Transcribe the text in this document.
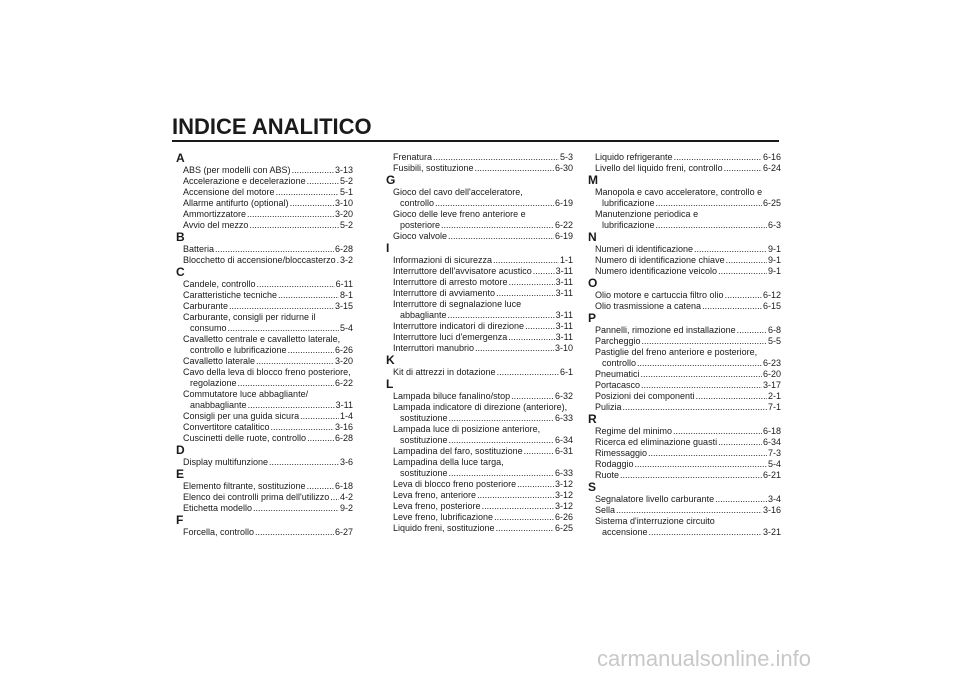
INDICE ANALITICO
A
ABS (per modelli con ABS) .....	3-13
Accelerazione e decelerazione .....	5-2
Accensione del motore .....	5-1
Allarme antifurto (optional) .....	3-10
Ammortizzatore .....	3-20
Avvio del mezzo .....	5-2
B
Batteria .....	6-28
Blocchetto di accensione/bloccasterzo ..... 3-2
C
Candele, controllo .....	6-11
Caratteristiche tecniche .....	8-1
Carburante .....	3-15
Carburante, consigli per ridurne il
consumo .....	5-4
Cavalletto centrale e cavalletto laterale,
controllo e lubrificazione .....	6-26
Cavalletto laterale .....	3-20
Cavo della leva di blocco freno posteriore,
regolazione .....	6-22
Commutatore luce abbagliante/
anabbagliante .....	3-11
Consigli per una guida sicura .....	1-4
Convertitore catalitico .....	3-16
Cuscinetti delle ruote, controllo .....	6-28
D
Display multifunzione .....	3-6
E
Elemento filtrante, sostituzione .....	6-18
Elenco dei controlli prima dell'utilizzo ..... 4-2
Etichetta modello .....	9-2
F
Forcella, controllo .....	6-27
Frenatura .....	5-3
Fusibili, sostituzione .....	6-30
G
Gioco del cavo dell'acceleratore,
controllo .....	6-19
Gioco delle leve freno anteriore e
posteriore .....	6-22
Gioco valvole .....	6-19
I
Informazioni di sicurezza .....	1-1
Interruttore dell'avvisatore acustico .....	3-11
Interruttore di arresto motore .....	3-11
Interruttore di avviamento .....	3-11
Interruttore di segnalazione luce
abbagliante .....	3-11
Interruttore indicatori di direzione .....	3-11
Interruttore luci d'emergenza .....	3-11
Interruttori manubrio .....	3-10
K
Kit di attrezzi in dotazione .....	6-1
L
Lampada biluce fanalino/stop .....	6-32
Lampada indicatore di direzione (anteriore),
sostituzione .....	6-33
Lampada luce di posizione anteriore,
sostituzione .....	6-34
Lampadina del faro, sostituzione .....	6-31
Lampadina della luce targa,
sostituzione .....	6-33
Leva di blocco freno posteriore .....	3-12
Leva freno, anteriore .....	3-12
Leva freno, posteriore .....	3-12
Leve freno, lubrificazione .....	6-26
Liquido freni, sostituzione .....	6-25
Liquido refrigerante .....	6-16
Livello del liquido freni, controllo .....	6-24
M
Manopola e cavo acceleratore, controllo e
lubrificazione .....	6-25
Manutenzione periodica e
lubrificazione .....	6-3
N
Numeri di identificazione .....	9-1
Numero di identificazione chiave .....	9-1
Numero identificazione veicolo .....	9-1
O
Olio motore e cartuccia filtro olio .....	6-12
Olio trasmissione a catena .....	6-15
P
Pannelli, rimozione ed installazione .....	6-8
Parcheggio .....	5-5
Pastiglie del freno anteriore e posteriore,
controllo .....	6-23
Pneumatici .....	6-20
Portacasco .....	3-17
Posizioni dei componenti .....	2-1
Pulizia .....	7-1
R
Regime del minimo .....	6-18
Ricerca ed eliminazione guasti .....	6-34
Rimessaggio .....	7-3
Rodaggio .....	5-4
Ruote .....	6-21
S
Segnalatore livello carburante .....	3-4
Sella .....	3-16
Sistema d'interruzione circuito
accensione .....	3-21
carmanualsonline.info
